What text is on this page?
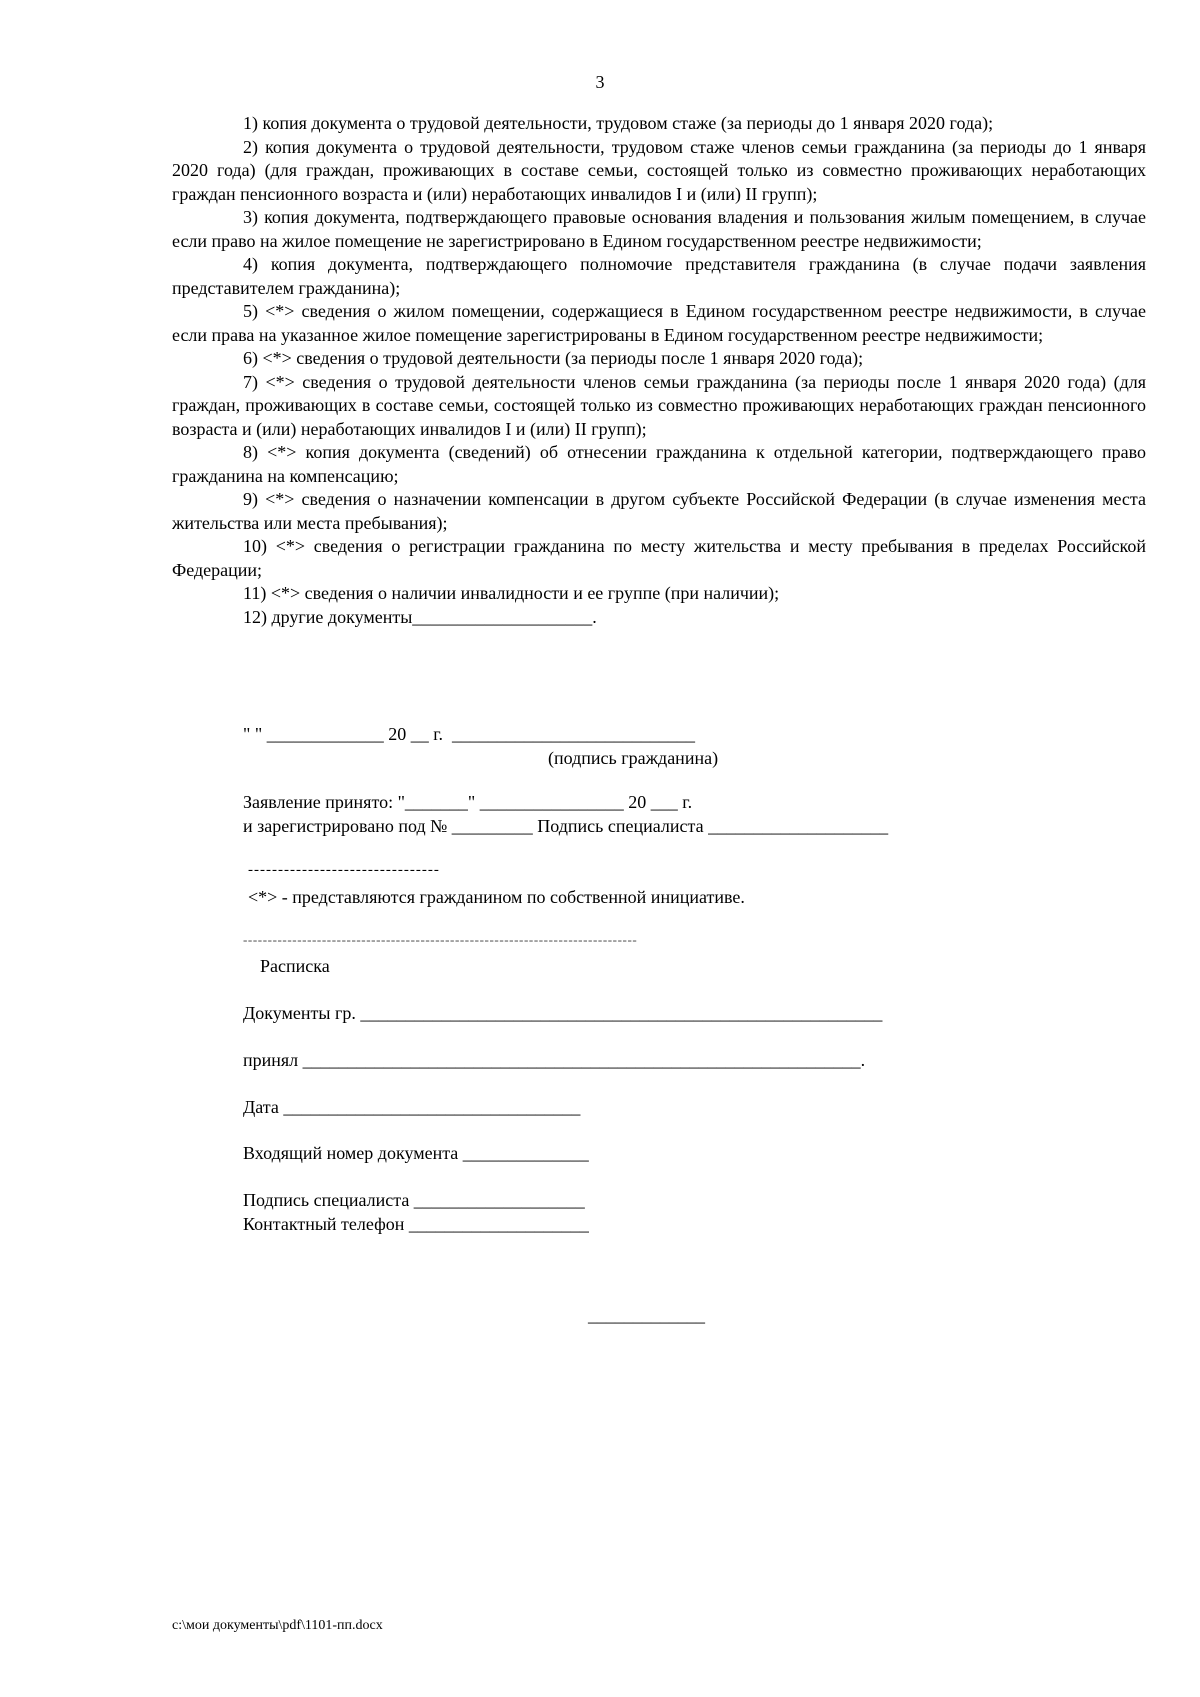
3

1) копия документа о трудовой деятельности, трудовом стаже (за периоды до 1 января 2020 года);

2) копия документа о трудовой деятельности, трудовом стаже членов семьи гражданина (за периоды до 1 января 2020 года) (для граждан, проживающих в составе семьи, состоящей только из совместно проживающих неработающих граждан пенсионного возраста и (или) неработающих инвалидов I и (или) II групп);

3) копия документа, подтверждающего правовые основания владения и пользования жилым помещением, в случае если право на жилое помещение не зарегистрировано в Едином государственном реестре недвижимости;

4) копия документа, подтверждающего полномочие представителя гражданина (в случае подачи заявления представителем гражданина);

5) <*> сведения о жилом помещении, содержащиеся в Едином государственном реестре недвижимости, в случае если права на указанное жилое помещение зарегистрированы в Едином государственном реестре недвижимости;

6) <*> сведения о трудовой деятельности (за периоды после 1 января 2020 года);

7) <*> сведения о трудовой деятельности членов семьи гражданина (за периоды после 1 января 2020 года) (для граждан, проживающих в составе семьи, состоящей только из совместно проживающих неработающих граждан пенсионного возраста и (или) неработающих инвалидов I и (или) II групп);

8) <*> копия документа (сведений) об отнесении гражданина к отдельной категории, подтверждающего право гражданина на компенсацию;

9) <*> сведения о назначении компенсации в другом субъекте Российской Федерации (в случае изменения места жительства или места пребывания);

10) <*> сведения о регистрации гражданина по месту жительства и месту пребывания в пределах Российской Федерации;

11) <*> сведения о наличии инвалидности и ее группе (при наличии);

12) другие документы____________________.

" " _____________ 20 __ г.  ___________________________
(подпись гражданина)
Заявление принято: "_______" ________________ 20 ___ г.
и зарегистрировано под № _________ Подпись специалиста ____________________
--------------------------------
<*> - представляются гражданином по собственной инициативе.
--------------------------------------------------------------------------------
Расписка
Документы гр. __________________________________________________________
принял ______________________________________________________________.
Дата _________________________________
Входящий номер документа ______________
Подпись специалиста ___________________
Контактный телефон ____________________
_____________
c:\мои документы\pdf\1101-пп.docx
